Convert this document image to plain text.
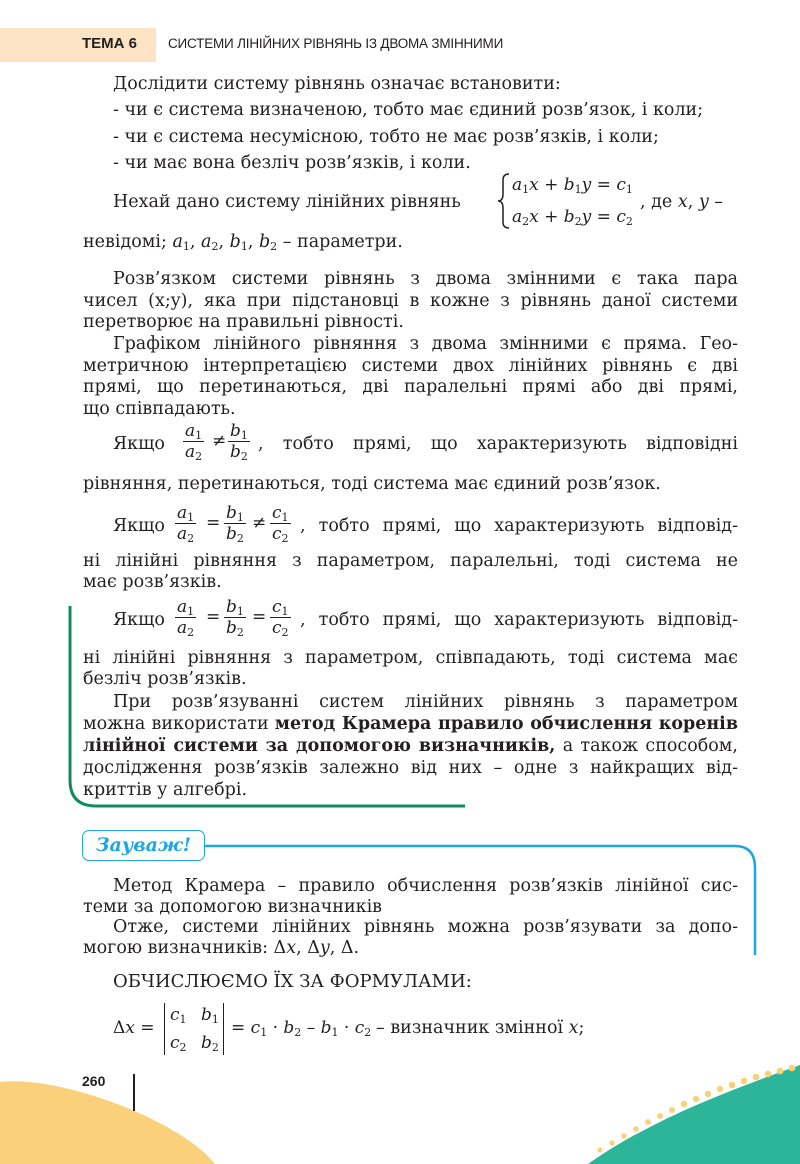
ТЕМА 6 СИСТЕМИ ЛІНІЙНИХ РІВНЯНЬ ІЗ ДВОМА ЗМІННИМИ
Дослідити систему рівнянь означає встановити:
- чи є система визначеною, тобто має єдиний розв’язок, і коли;
- чи є система несумісною, тобто не має розв’язків, і коли;
- чи має вона безліч розв’язків, і коли.
Нехай дано систему лінійних рівнянь
$a_1x + b_1y = c_1$
$a_2x + b_2y = c_2$
, де x, y –
невідомі; $a_1$, $a_2$, $b_1$, $b_2$ – параметри.
Розв’язком системи рівнянь з двома змінними є така пара
чисел (x;y), яка при підстановці в кожне з рівнянь даної системи
перетворює на правильні рівності.
Графіком лінійного рівняння з двома змінними є пряма. Гео-
метричною інтерпретацією системи двох лінійних рівнянь є дві
прямі, що перетинаються, дві паралельні прямі або дві прямі,
що співпадають.
Якщо $\frac{a_1}{a_2} \ne \frac{b_1}{b_2}$ , тобто прямі, що характеризують відповідні
рівняння, перетинаються, тоді система має єдиний розв’язок.
Якщо $\frac{a_1}{a_2} = \frac{b_1}{b_2} \ne \frac{c_1}{c_2}$ , тобто прямі, що характеризують відповід-
ні лінійні рівняння з параметром, паралельні, тоді система не
має розв’язків.
Якщо $\frac{a_1}{a_2} = \frac{b_1}{b_2} = \frac{c_1}{c_2}$ , тобто прямі, що характеризують відповід-
ні лінійні рівняння з параметром, співпадають, тоді система має
безліч розв’язків.
При розв’язуванні систем лінійних рівнянь з параметром
можна використати метод Крамера правило обчислення коренів
лінійної системи за допомогою визначників, а також способом,
дослідження розв’язків залежно від них – одне з найкращих від-
криттів у алгебрі.
Зауваж!
Метод Крамера – правило обчислення розв’язків лінійної сис-
теми за допомогою визначників
Отже, системи лінійних рівнянь можна розв’язувати за допо-
могою визначників: Δx, Δy, Δ.
ОБЧИСЛЮЄМО ЇХ ЗА ФОРМУЛАМИ:
Δx =
$c_1$ $b_1$
$c_2$ $b_2$
= $c_1 \cdot b_2 - b_1 \cdot c_2$ – визначник змінної x;
260
